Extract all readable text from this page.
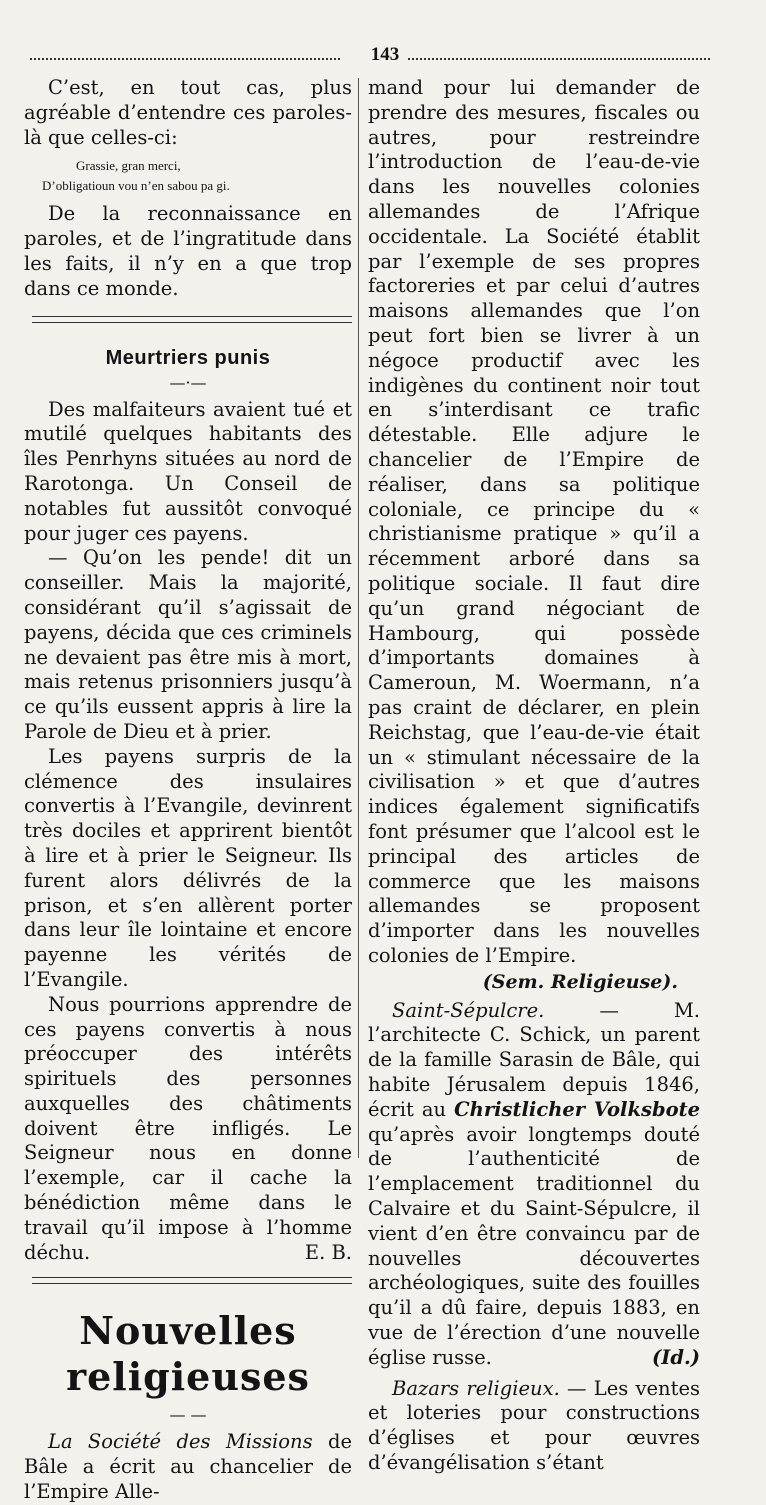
143

C’est, en tout cas, plus agréable d’entendre ces paroles-là que celles-ci:

Grassie, gran merci,
D’obligatioun vou n’en sabou pa gi.

De la reconnaissance en paroles, et de l’ingratitude dans les faits, il n’y en a que trop dans ce monde.

Meurtriers punis
—·—

Des malfaiteurs avaient tué et mutilé quelques habitants des îles Penrhyns situées au nord de Rarotonga. Un Conseil de notables fut aussitôt convoqué pour juger ces payens.

— Qu’on les pende! dit un conseiller. Mais la majorité, considérant qu’il s’agissait de payens, décida que ces criminels ne devaient pas être mis à mort, mais retenus prisonniers jusqu’à ce qu’ils eussent appris à lire la Parole de Dieu et à prier.

Les payens surpris de la clémence des insulaires convertis à l’Evangile, devinrent très dociles et apprirent bientôt à lire et à prier le Seigneur. Ils furent alors délivrés de la prison, et s’en allèrent porter dans leur île lointaine et encore payenne les vérités de l’Evangile.

Nous pourrions apprendre de ces payens convertis à nous préoccuper des intérêts spirituels des personnes auxquelles des châtiments doivent être infligés. Le Seigneur nous en donne l’exemple, car il cache la bénédiction même dans le travail qu’il impose à l’homme déchu.	E. B.

Nouvelles religieuses
— —

La Société des Missions de Bâle a écrit au chancelier de l’Empire Alle-

mand pour lui demander de prendre des mesures, fiscales ou autres, pour restreindre l’introduction de l’eau-de-vie dans les nouvelles colonies allemandes de l’Afrique occidentale. La Société établit par l’exemple de ses propres factoreries et par celui d’autres maisons allemandes que l’on peut fort bien se livrer à un négoce productif avec les indigènes du continent noir tout en s’interdisant ce trafic détestable. Elle adjure le chancelier de l’Empire de réaliser, dans sa politique coloniale, ce principe du « christianisme pratique » qu’il a récemment arboré dans sa politique sociale. Il faut dire qu’un grand négociant de Hambourg, qui possède d’importants domaines à Cameroun, M. Woermann, n’a pas craint de déclarer, en plein Reichstag, que l’eau-de-vie était un « stimulant nécessaire de la civilisation » et que d’autres indices également significatifs font présumer que l’alcool est le principal des articles de commerce que les maisons allemandes se proposent d’importer dans les nouvelles colonies de l’Empire.

(Sem. Religieuse).

Saint-Sépulcre.	— M. l’architecte C. Schick, un parent de la famille Sarasin de Bâle, qui habite Jérusalem depuis 1846, écrit au Christlicher Volksbote qu’après avoir longtemps douté de l’authenticité de l’emplacement traditionnel du Calvaire et du Saint-Sépulcre, il vient d’en être convaincu par de nouvelles découvertes archéologiques, suite des fouilles qu’il a dû faire, depuis 1883, en vue de l’érection d’une nouvelle église russe.	(Id.)

Bazars religieux. — Les ventes et loteries pour constructions d’églises et pour œuvres d’évangélisation s’étant
